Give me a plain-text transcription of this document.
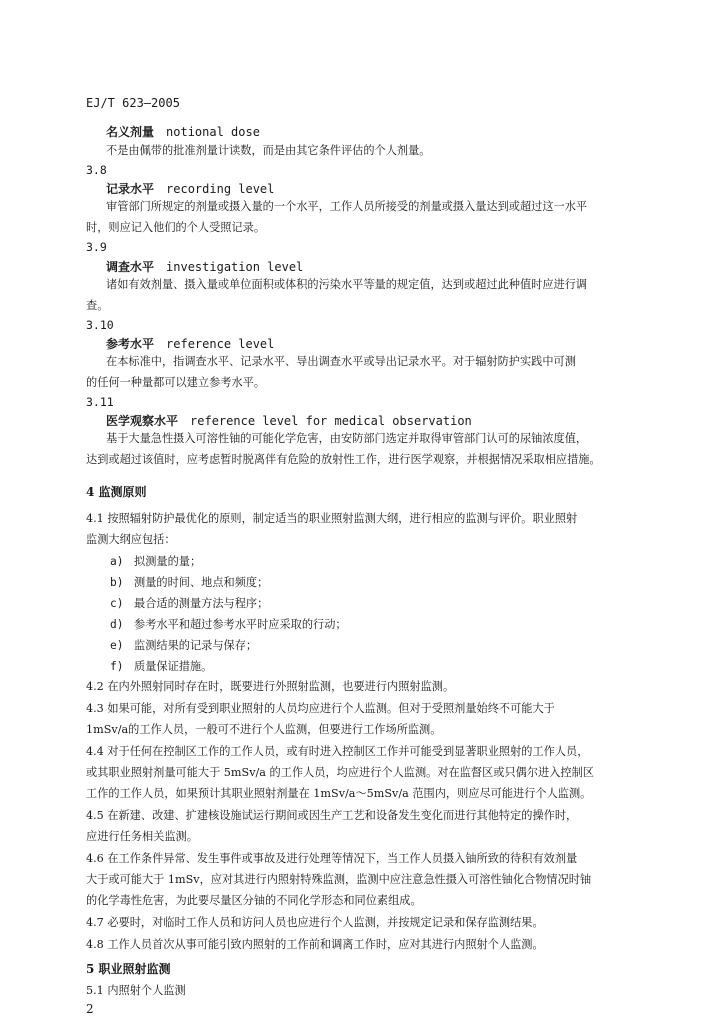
EJ/T 623—2005
名义剂量 notional dose
不是由佩带的批准剂量计读数，而是由其它条件评估的个人剂量。
3.8
记录水平 recording level
审管部门所规定的剂量或摄入量的一个水平，工作人员所接受的剂量或摄入量达到或超过这一水平
时，则应记入他们的个人受照记录。
3.9
调查水平 investigation level
诸如有效剂量、摄入量或单位面积或体积的污染水平等量的规定值，达到或超过此种值时应进行调
查。
3.10
参考水平 reference level
在本标准中，指调查水平、记录水平、导出调查水平或导出记录水平。对于辐射防护实践中可测
的任何一种量都可以建立参考水平。
3.11
医学观察水平 reference level for medical observation
基于大量急性摄入可溶性铀的可能化学危害，由安防部门选定并取得审管部门认可的尿铀浓度值，
达到或超过该值时，应考虑暂时脱离伴有危险的放射性工作，进行医学观察，并根据情况采取相应措施。
4 监测原则
4.1 按照辐射防护最优化的原则，制定适当的职业照射监测大纲，进行相应的监测与评价。职业照射
监测大纲应包括：
a) 拟测量的量；
b) 测量的时间、地点和频度；
c) 最合适的测量方法与程序；
d) 参考水平和超过参考水平时应采取的行动；
e) 监测结果的记录与保存；
f) 质量保证措施。
4.2 在内外照射同时存在时，既要进行外照射监测，也要进行内照射监测。
4.3 如果可能，对所有受到职业照射的人员均应进行个人监测。但对于受照剂量始终不可能大于
1mSv/a的工作人员，一般可不进行个人监测，但要进行工作场所监测。
4.4 对于任何在控制区工作的工作人员，或有时进入控制区工作并可能受到显著职业照射的工作人员，
或其职业照射剂量可能大于 5mSv/a 的工作人员，均应进行个人监测。对在监督区或只偶尔进入控制区
工作的工作人员，如果预计其职业照射剂量在 1mSv/a～5mSv/a 范围内，则应尽可能进行个人监测。
4.5 在新建、改建、扩建核设施试运行期间或因生产工艺和设备发生变化而进行其他特定的操作时，
应进行任务相关监测。
4.6 在工作条件异常、发生事件或事故及进行处理等情况下，当工作人员摄入铀所致的待积有效剂量
大于或可能大于 1mSv，应对其进行内照射特殊监测，监测中应注意急性摄入可溶性铀化合物情况时铀
的化学毒性危害，为此要尽量区分铀的不同化学形态和同位素组成。
4.7 必要时，对临时工作人员和访问人员也应进行个人监测，并按规定记录和保存监测结果。
4.8 工作人员首次从事可能引致内照射的工作前和调离工作时，应对其进行内照射个人监测。
5 职业照射监测
5.1 内照射个人监测
2
